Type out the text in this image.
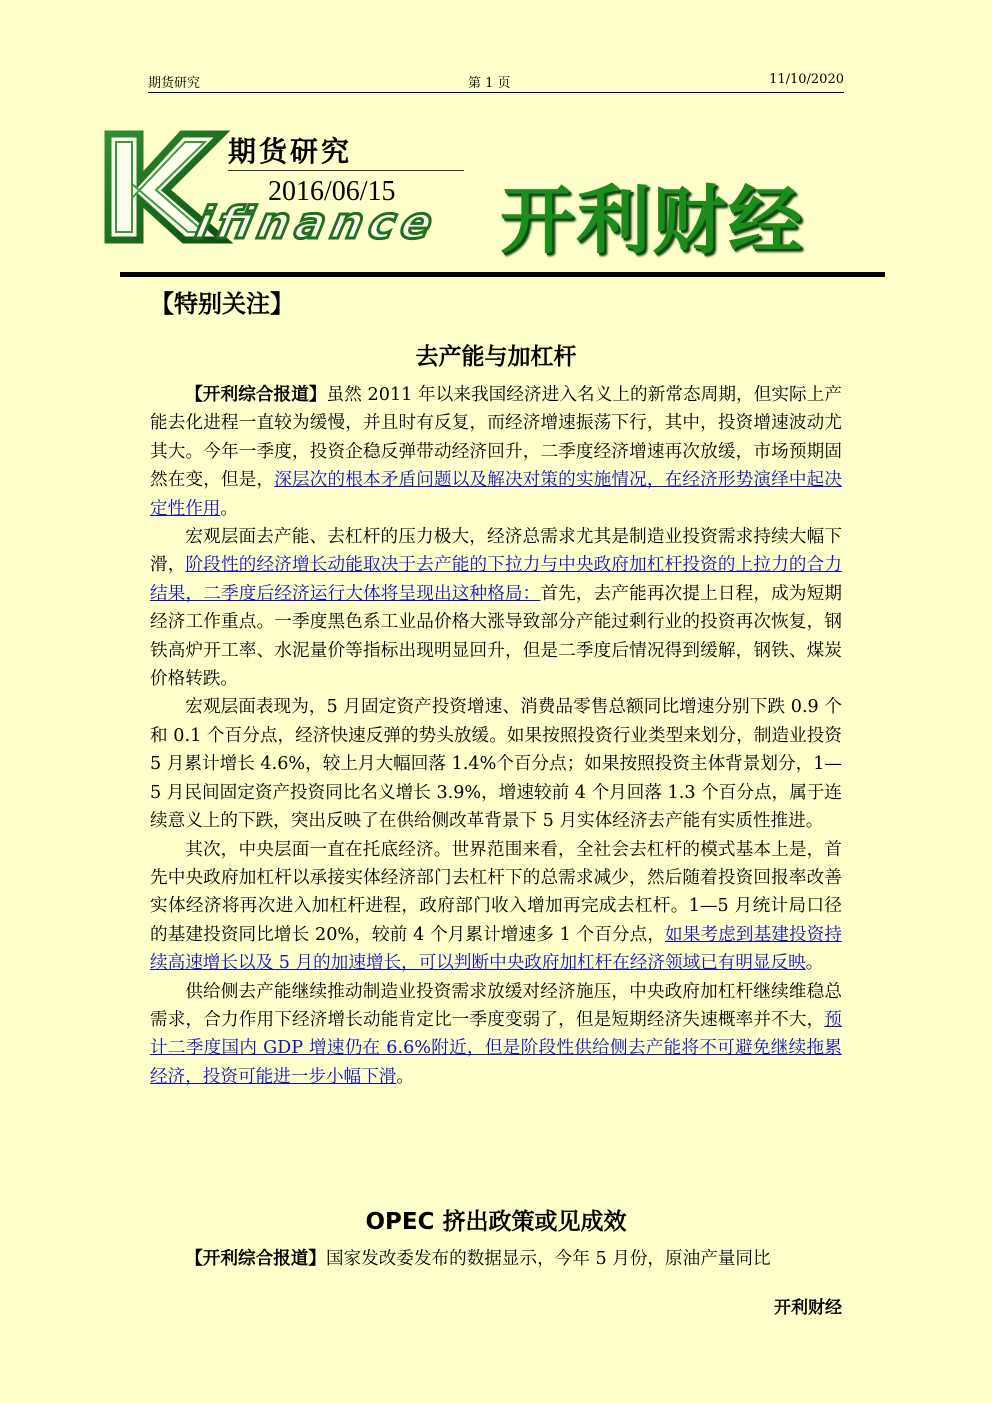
期货研究	第 1 页	11/10/2020
ifinance
期货研究
2016/06/15 开利财经
【特别关注】
去产能与加杠杆

【开利综合报道】虽然 2011 年以来我国经济进入名义上的新常态周期，但实际上产能去化进程一直较为缓慢，并且时有反复，而经济增速振荡下行，其中，投资增速波动尤其大。今年一季度，投资企稳反弹带动经济回升，二季度经济增速再次放缓，市场预期固然在变，但是，深层次的根本矛盾问题以及解决对策的实施情况，在经济形势演绎中起决定性作用。

宏观层面去产能、去杠杆的压力极大，经济总需求尤其是制造业投资需求持续大幅下滑，阶段性的经济增长动能取决于去产能的下拉力与中央政府加杠杆投资的上拉力的合力结果，二季度后经济运行大体将呈现出这种格局：首先，去产能再次提上日程，成为短期经济工作重点。一季度黑色系工业品价格大涨导致部分产能过剩行业的投资再次恢复，钢铁高炉开工率、水泥量价等指标出现明显回升，但是二季度后情况得到缓解，钢铁、煤炭价格转跌。

宏观层面表现为，5 月固定资产投资增速、消费品零售总额同比增速分别下跌 0.9 个和 0.1 个百分点，经济快速反弹的势头放缓。如果按照投资行业类型来划分，制造业投资 5 月累计增长 4.6%，较上月大幅回落 1.4%个百分点；如果按照投资主体背景划分，1—5 月民间固定资产投资同比名义增长 3.9%，增速较前 4 个月回落 1.3 个百分点，属于连续意义上的下跌，突出反映了在供给侧改革背景下 5 月实体经济去产能有实质性推进。

其次，中央层面一直在托底经济。世界范围来看，全社会去杠杆的模式基本上是，首先中央政府加杠杆以承接实体经济部门去杠杆下的总需求减少，然后随着投资回报率改善实体经济将再次进入加杠杆进程，政府部门收入增加再完成去杠杆。1—5 月统计局口径的基建投资同比增长 20%，较前 4 个月累计增速多 1 个百分点，如果考虑到基建投资持续高速增长以及 5 月的加速增长，可以判断中央政府加杠杆在经济领域已有明显反映。

供给侧去产能继续推动制造业投资需求放缓对经济施压，中央政府加杠杆继续维稳总需求，合力作用下经济增长动能肯定比一季度变弱了，但是短期经济失速概率并不大，预计二季度国内 GDP 增速仍在 6.6%附近，但是阶段性供给侧去产能将不可避免继续拖累经济，投资可能进一步小幅下滑。

OPEC 挤出政策或见成效

【开利综合报道】国家发改委发布的数据显示，今年 5 月份，原油产量同比

开利财经
